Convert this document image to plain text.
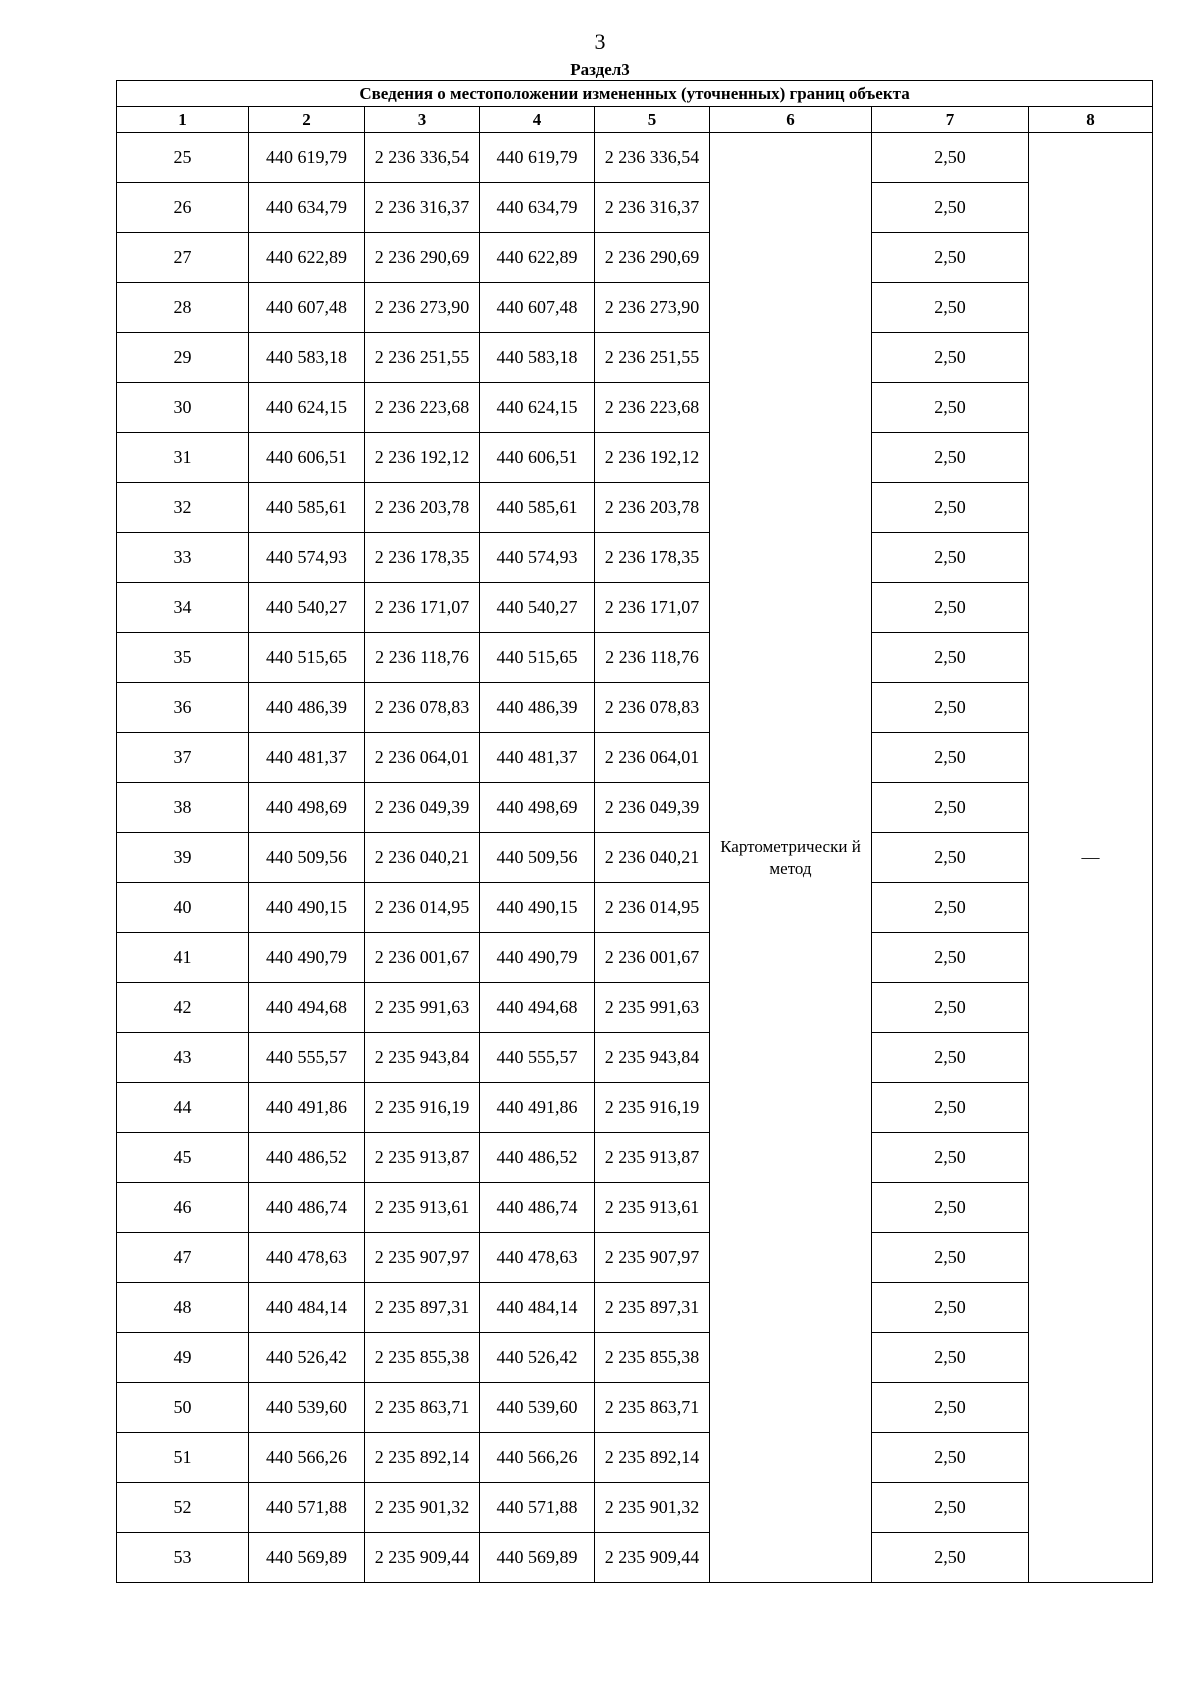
3
Раздел3
Сведения о местоположении измененных (уточненных) границ объекта							
1	2	3	4	5	6	7	8
25	440 619,79	2 236 336,54	440 619,79	2 236 336,54	Картометрически й метод	2,50	—
26	440 634,79	2 236 316,37	440 634,79	2 236 316,37		2,50	
27	440 622,89	2 236 290,69	440 622,89	2 236 290,69		2,50	
28	440 607,48	2 236 273,90	440 607,48	2 236 273,90		2,50	
29	440 583,18	2 236 251,55	440 583,18	2 236 251,55		2,50	
30	440 624,15	2 236 223,68	440 624,15	2 236 223,68		2,50	
31	440 606,51	2 236 192,12	440 606,51	2 236 192,12		2,50	
32	440 585,61	2 236 203,78	440 585,61	2 236 203,78		2,50	
33	440 574,93	2 236 178,35	440 574,93	2 236 178,35		2,50	
34	440 540,27	2 236 171,07	440 540,27	2 236 171,07		2,50	
35	440 515,65	2 236 118,76	440 515,65	2 236 118,76		2,50	
36	440 486,39	2 236 078,83	440 486,39	2 236 078,83		2,50	
37	440 481,37	2 236 064,01	440 481,37	2 236 064,01		2,50	
38	440 498,69	2 236 049,39	440 498,69	2 236 049,39		2,50	
39	440 509,56	2 236 040,21	440 509,56	2 236 040,21		2,50	
40	440 490,15	2 236 014,95	440 490,15	2 236 014,95		2,50	
41	440 490,79	2 236 001,67	440 490,79	2 236 001,67		2,50	
42	440 494,68	2 235 991,63	440 494,68	2 235 991,63		2,50	
43	440 555,57	2 235 943,84	440 555,57	2 235 943,84		2,50	
44	440 491,86	2 235 916,19	440 491,86	2 235 916,19		2,50	
45	440 486,52	2 235 913,87	440 486,52	2 235 913,87		2,50	
46	440 486,74	2 235 913,61	440 486,74	2 235 913,61		2,50	
47	440 478,63	2 235 907,97	440 478,63	2 235 907,97		2,50	
48	440 484,14	2 235 897,31	440 484,14	2 235 897,31		2,50	
49	440 526,42	2 235 855,38	440 526,42	2 235 855,38		2,50	
50	440 539,60	2 235 863,71	440 539,60	2 235 863,71		2,50	
51	440 566,26	2 235 892,14	440 566,26	2 235 892,14		2,50	
52	440 571,88	2 235 901,32	440 571,88	2 235 901,32		2,50	
53	440 569,89	2 235 909,44	440 569,89	2 235 909,44		2,50	
